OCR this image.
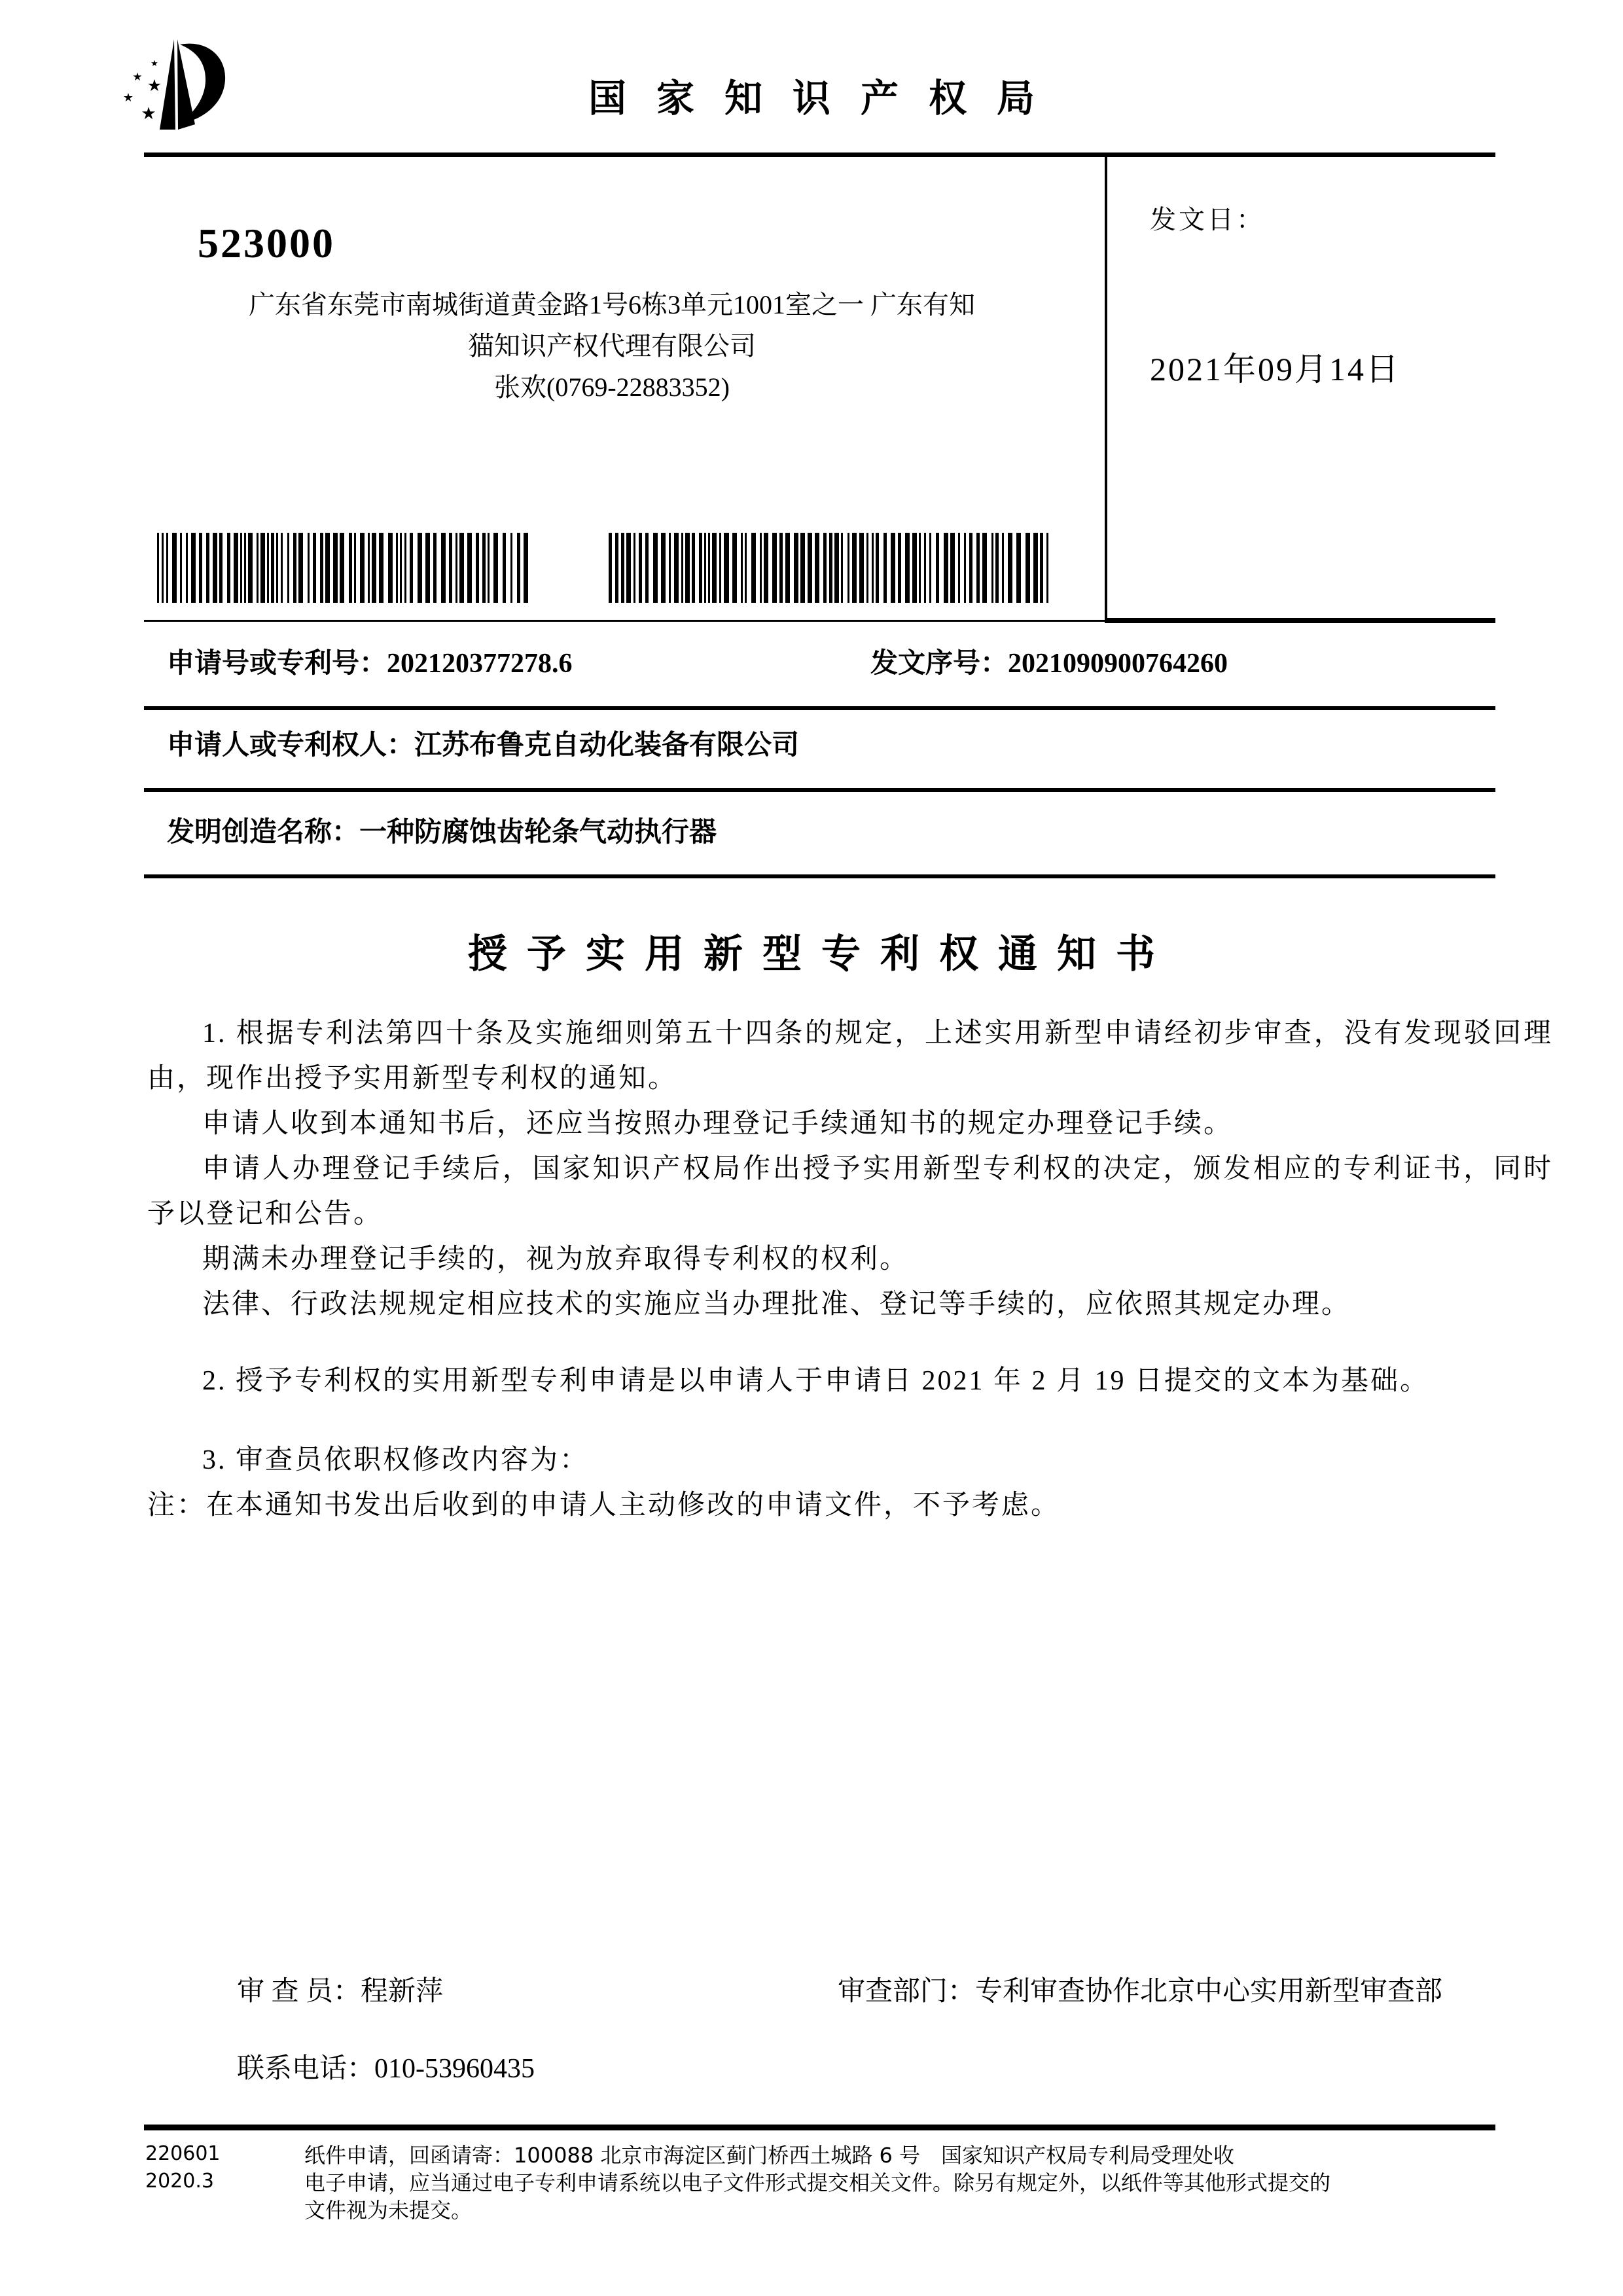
★
★ ★
★
★	国家知识产权局
523000
广东省东莞市南城街道黄金路1号6栋3单元1001室之一 广东有知
猫知识产权代理有限公司
张欢(0769-22883352)
发文日：
2021年09月14日
申请号或专利号：202120377278.6	发文序号：2021090900764260
申请人或专利权人：江苏布鲁克自动化装备有限公司
发明创造名称：一种防腐蚀齿轮条气动执行器
授予实用新型专利权通知书

1. 根据专利法第四十条及实施细则第五十四条的规定，上述实用新型申请经初步审查，没有发现驳回理由，现作出授予实用新型专利权的通知。

申请人收到本通知书后，还应当按照办理登记手续通知书的规定办理登记手续。

申请人办理登记手续后，国家知识产权局作出授予实用新型专利权的决定，颁发相应的专利证书，同时予以登记和公告。

期满未办理登记手续的，视为放弃取得专利权的权利。

法律、行政法规规定相应技术的实施应当办理批准、登记等手续的，应依照其规定办理。

2. 授予专利权的实用新型专利申请是以申请人于申请日 2021 年 2 月 19 日提交的文本为基础。

3. 审查员依职权修改内容为：

注：在本通知书发出后收到的申请人主动修改的申请文件，不予考虑。

审 查 员：程新萍	审查部门：专利审查协作北京中心实用新型审查部
联系电话：010-53960435
220601
2020.3
纸件申请，回函请寄：100088 北京市海淀区蓟门桥西土城路 6 号　国家知识产权局专利局受理处收
电子申请，应当通过电子专利申请系统以电子文件形式提交相关文件。除另有规定外，以纸件等其他形式提交的
文件视为未提交。
